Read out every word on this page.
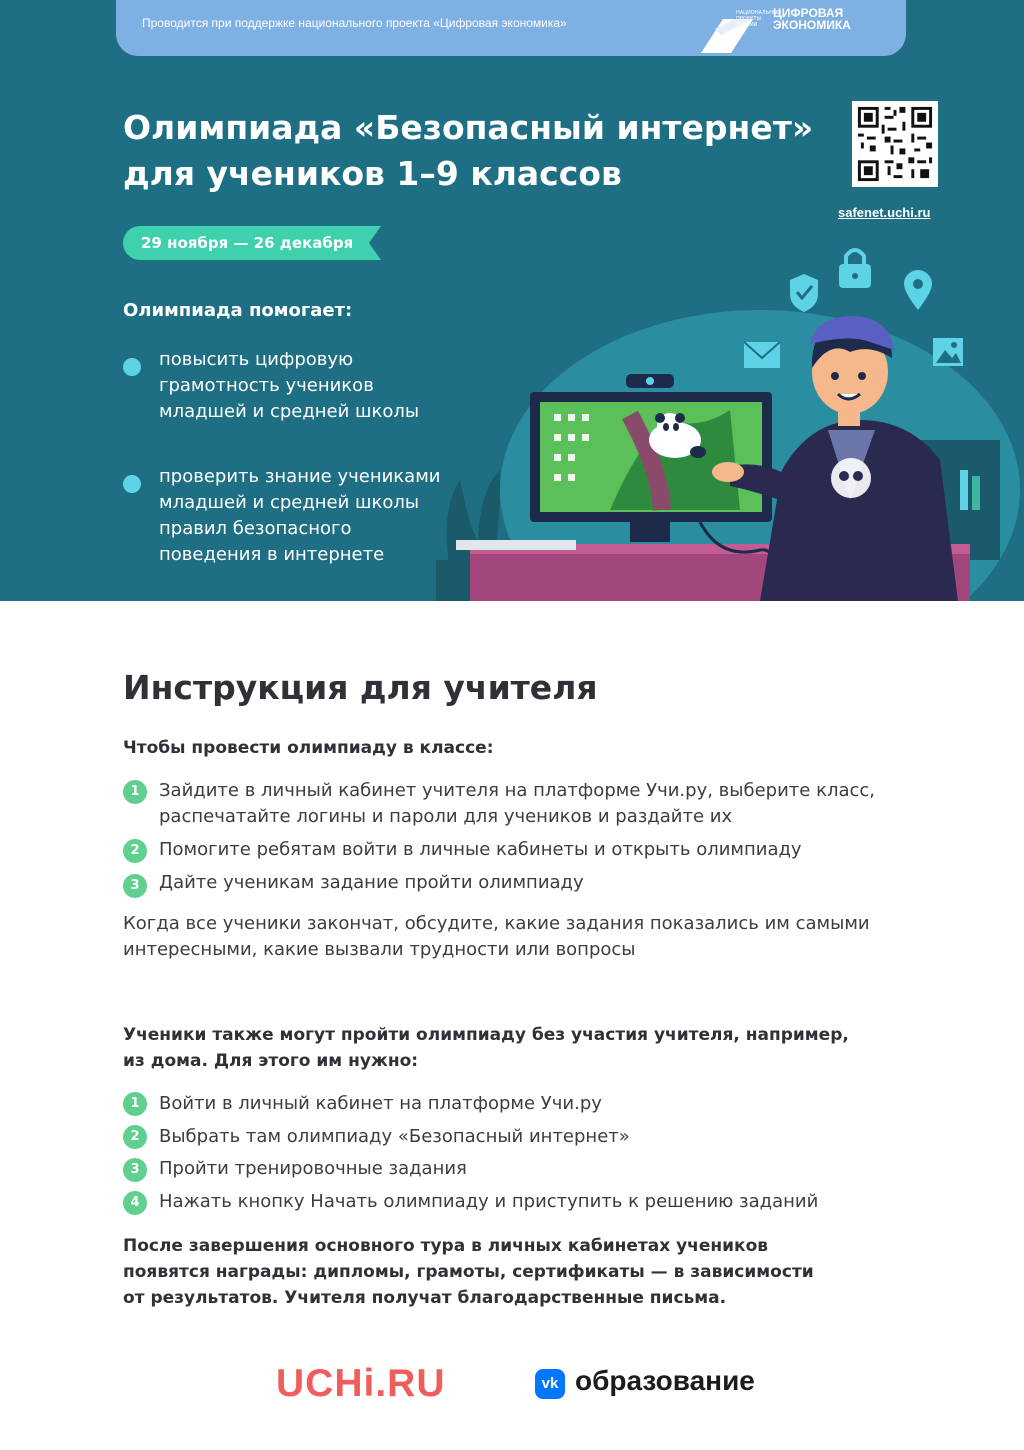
Проводится при поддержке национального проекта «Цифровая экономика»
НАЦИОНАЛЬНЫЕ ПРОЕКТЫ РОССИИ
ЦИФРОВАЯ
ЭКОНОМИКА
Олимпиада «Безопасный интернет»
для учеников 1–9 классов
safenet.uchi.ru
29 ноября — 26 декабря
Олимпиада помогает:
повысить цифровую
грамотность учеников
младшей и средней школы
проверить знание учениками
младшей и средней школы
правил безопасного
поведения в интернете
Инструкция для учителя
Чтобы провести олимпиаду в классе:
1	Зайдите в личный кабинет учителя на платформе Учи.ру, выберите класс,
распечатайте логины и пароли для учеников и раздайте их
2	Помогите ребятам войти в личные кабинеты и открыть олимпиаду
3	Дайте ученикам задание пройти олимпиаду
Когда все ученики закончат, обсудите, какие задания показались им самыми
интересными, какие вызвали трудности или вопросы
Ученики также могут пройти олимпиаду без участия учителя, например,
из дома. Для этого им нужно:
1	Войти в личный кабинет на платформе Учи.ру
2	Выбрать там олимпиаду «Безопасный интернет»
3	Пройти тренировочные задания
4	Нажать кнопку Начать олимпиаду и приступить к решению заданий
После завершения основного тура в личных кабинетах учеников
появятся награды: дипломы, грамоты, сертификаты — в зависимости
от результатов. Учителя получат благодарственные письма.
UCHi.RU	vk образование
